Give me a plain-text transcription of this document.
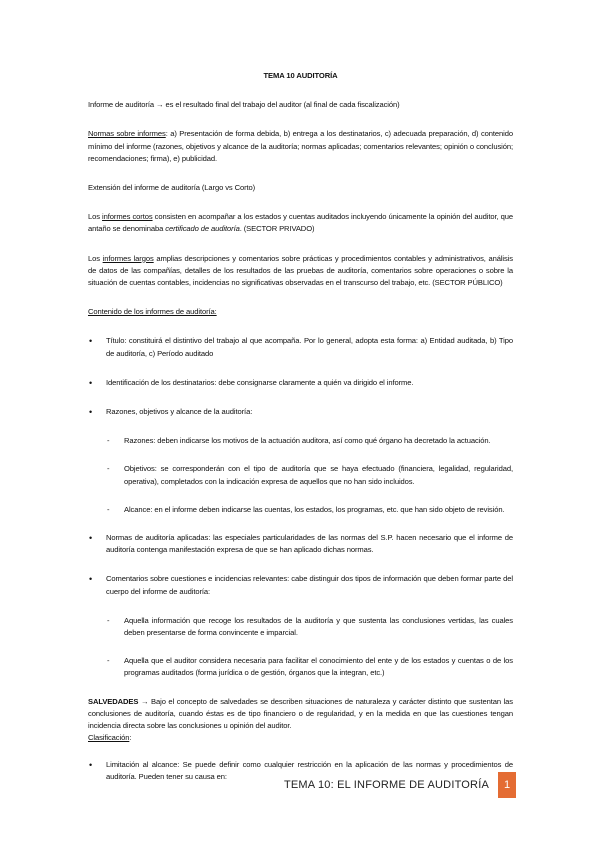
TEMA 10 AUDITORÍA

Informe de auditoría → es el resultado final del trabajo del auditor (al final de cada fiscalización)

Normas sobre informes: a) Presentación de forma debida, b) entrega a los destinatarios, c) adecuada preparación, d) contenido mínimo del informe (razones, objetivos y alcance de la auditoría; normas aplicadas; comentarios relevantes; opinión o conclusión; recomendaciones; firma), e) publicidad.

Extensión del informe de auditoría (Largo vs Corto)

Los informes cortos consisten en acompañar a los estados y cuentas auditados incluyendo únicamente la opinión del auditor, que antaño se denominaba certificado de auditoría. (SECTOR PRIVADO)

Los informes largos amplias descripciones y comentarios sobre prácticas y procedimientos contables y administrativos, análisis de datos de las compañías, detalles de los resultados de las pruebas de auditoría, comentarios sobre operaciones o sobre la situación de cuentas contables, incidencias no significativas observadas en el transcurso del trabajo, etc. (SECTOR PÚBLICO)

Contenido de los informes de auditoría:

• Título: constituirá el distintivo del trabajo al que acompaña. Por lo general, adopta esta forma: a) Entidad auditada, b) Tipo de auditoría, c) Período auditado
• Identificación de los destinatarios: debe consignarse claramente a quién va dirigido el informe.
• Razones, objetivos y alcance de la auditoría:
- Razones: deben indicarse los motivos de la actuación auditora, así como qué órgano ha decretado la actuación.
- Objetivos: se corresponderán con el tipo de auditoría que se haya efectuado (financiera, legalidad, regularidad, operativa), completados con la indicación expresa de aquellos que no han sido incluidos.
- Alcance: en el informe deben indicarse las cuentas, los estados, los programas, etc. que han sido objeto de revisión.
• Normas de auditoría aplicadas: las especiales particularidades de las normas del S.P. hacen necesario que el informe de auditoría contenga manifestación expresa de que se han aplicado dichas normas.
• Comentarios sobre cuestiones e incidencias relevantes: cabe distinguir dos tipos de información que deben formar parte del cuerpo del informe de auditoría:
- Aquella información que recoge los resultados de la auditoría y que sustenta las conclusiones vertidas, las cuales deben presentarse de forma convincente e imparcial.
- Aquella que el auditor considera necesaria para facilitar el conocimiento del ente y de los estados y cuentas o de los programas auditados (forma jurídica o de gestión, órganos que la integran, etc.)

SALVEDADES → Bajo el concepto de salvedades se describen situaciones de naturaleza y carácter distinto que sustentan las conclusiones de auditoría, cuando éstas es de tipo financiero o de regularidad, y en la medida en que las cuestiones tengan incidencia directa sobre las conclusiones u opinión del auditor.
Clasificación:

• Limitación al alcance: Se puede definir como cualquier restricción en la aplicación de las normas y procedimientos de auditoría. Pueden tener su causa en:
TEMA 10: EL INFORME DE AUDITORÍA	1
